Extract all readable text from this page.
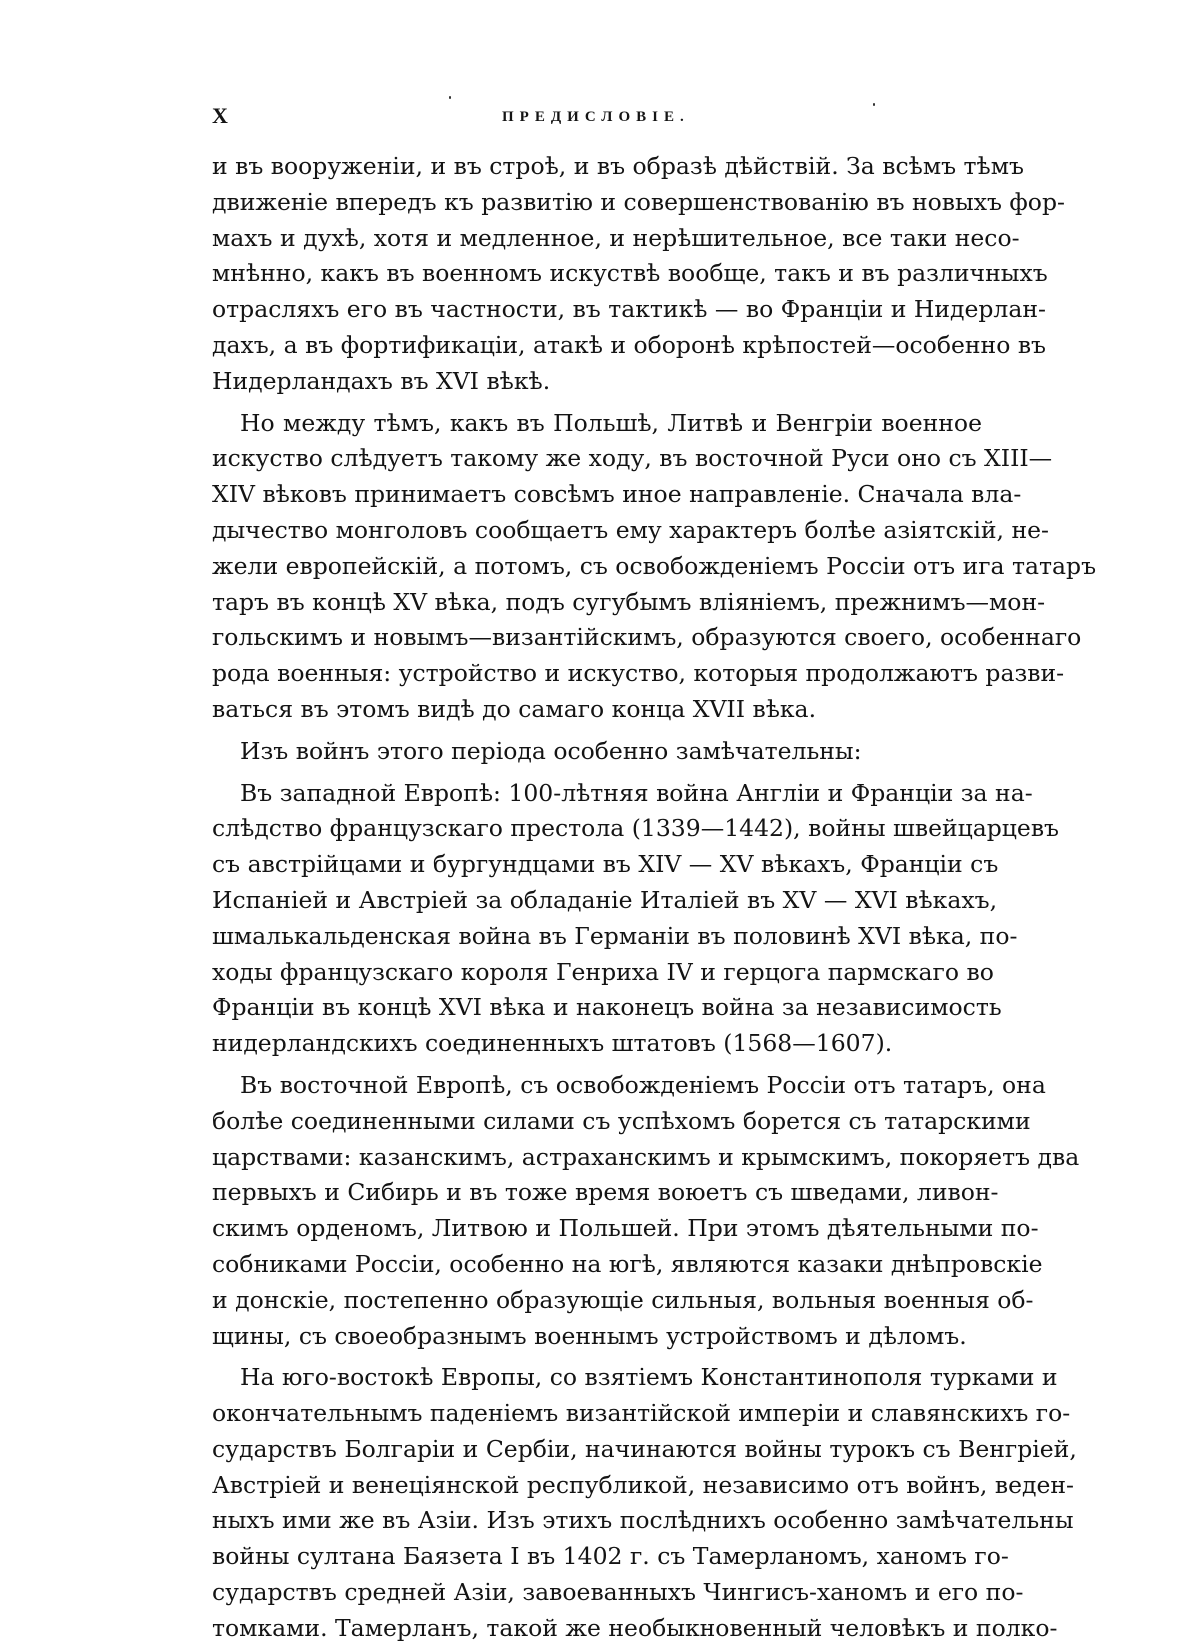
X	ПРЕДИСЛОВІЕ.
и въ вооруженіи, и въ строѣ, и въ образѣ дѣйствій. За всѣмъ тѣмъ
движеніе впередъ къ развитію и совершенствованію въ новыхъ фор-
махъ и духѣ, хотя и медленное, и нерѣшительное, все таки несо-
мнѣнно, какъ въ военномъ искуствѣ вообще, такъ и въ различныхъ
отрасляхъ его въ частности, въ тактикѣ — во Франціи и Нидерлан-
дахъ, а въ фортификаціи, атакѣ и оборонѣ крѣпостей—особенно въ
Нидерландахъ въ XVI вѣкѣ.
Но между тѣмъ, какъ въ Польшѣ, Литвѣ и Венгріи военное
искуство слѣдуетъ такому же ходу, въ восточной Руси оно съ XIII—
XIV вѣковъ принимаетъ совсѣмъ иное направленіе. Сначала вла-
дычество монголовъ сообщаетъ ему характеръ болѣе азіятскій, не-
жели европейскій, а потомъ, съ освобожденіемъ Россіи отъ ига татаръ
таръ въ концѣ XV вѣка, подъ сугубымъ вліяніемъ, прежнимъ—мон-
гольскимъ и новымъ—византійскимъ, образуются своего, особеннаго
рода военныя: устройство и искуство, которыя продолжаютъ разви-
ваться въ этомъ видѣ до самаго конца XVII вѣка.
Изъ войнъ этого періода особенно замѣчательны:
Въ западной Европѣ: 100-лѣтняя война Англіи и Франціи за на-
слѣдство французскаго престола (1339—1442), войны швейцарцевъ
съ австрійцами и бургундцами въ XIV — XV вѣкахъ, Франціи съ
Испаніей и Австріей за обладаніе Италіей въ XV — XVI вѣкахъ,
шмалькальденская война въ Германіи въ половинѣ XVI вѣка, по-
ходы французскаго короля Генриха IV и герцога пармскаго во
Франціи въ концѣ XVI вѣка и наконецъ война за независимость
нидерландскихъ соединенныхъ штатовъ (1568—1607).
Въ восточной Европѣ, съ освобожденіемъ Россіи отъ татаръ, она
болѣе соединенными силами съ успѣхомъ борется съ татарскими
царствами: казанскимъ, астраханскимъ и крымскимъ, покоряетъ два
первыхъ и Сибирь и въ тоже время воюетъ съ шведами, ливон-
скимъ орденомъ, Литвою и Польшей. При этомъ дѣятельными по-
собниками Россіи, особенно на югѣ, являются казаки днѣпровскіе
и донскіе, постепенно образующіе сильныя, вольныя военныя об-
щины, съ своеобразнымъ военнымъ устройствомъ и дѣломъ.
На юго-востокѣ Европы, со взятіемъ Константинополя турками и
окончательнымъ паденіемъ византійской имперіи и славянскихъ го-
сударствъ Болгаріи и Сербіи, начинаются войны турокъ съ Венгріей,
Австріей и венеціянской республикой, независимо отъ войнъ, веден-
ныхъ ими же въ Азіи. Изъ этихъ послѣднихъ особенно замѣчательны
войны султана Баязета I въ 1402 г. съ Тамерланомъ, ханомъ го-
сударствъ средней Азіи, завоеванныхъ Чингисъ-ханомъ и его по-
томками. Тамерланъ, такой же необыкновенный человѣкъ и полко-
